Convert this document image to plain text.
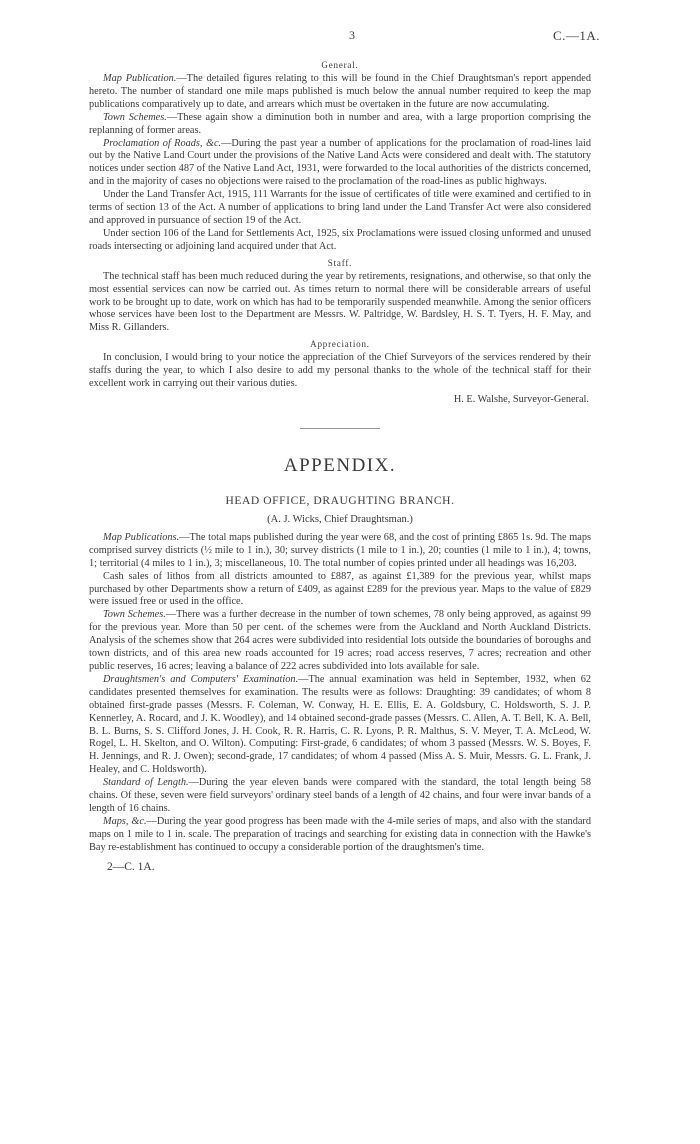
3	C.—1A.
General.

Map Publication.—The detailed figures relating to this will be found in the Chief Draughtsman's report appended hereto. The number of standard one mile maps published is much below the annual number required to keep the map publications comparatively up to date, and arrears which must be overtaken in the future are now accumulating.

Town Schemes.—These again show a diminution both in number and area, with a large proportion comprising the replanning of former areas.

Proclamation of Roads, &c.—During the past year a number of applications for the proclamation of road-lines laid out by the Native Land Court under the provisions of the Native Land Acts were considered and dealt with. The statutory notices under section 487 of the Native Land Act, 1931, were forwarded to the local authorities of the districts concerned, and in the majority of cases no objections were raised to the proclamation of the road-lines as public highways.

Under the Land Transfer Act, 1915, 111 Warrants for the issue of certificates of title were examined and certified to in terms of section 13 of the Act. A number of applications to bring land under the Land Transfer Act were also considered and approved in pursuance of section 19 of the Act.

Under section 106 of the Land for Settlements Act, 1925, six Proclamations were issued closing unformed and unused roads intersecting or adjoining land acquired under that Act.

Staff.

The technical staff has been much reduced during the year by retirements, resignations, and otherwise, so that only the most essential services can now be carried out. As times return to normal there will be considerable arrears of useful work to be brought up to date, work on which has had to be temporarily suspended meanwhile. Among the senior officers whose services have been lost to the Department are Messrs. W. Paltridge, W. Bardsley, H. S. T. Tyers, H. F. May, and Miss R. Gillanders.

Appreciation.

In conclusion, I would bring to your notice the appreciation of the Chief Surveyors of the services rendered by their staffs during the year, to which I also desire to add my personal thanks to the whole of the technical staff for their excellent work in carrying out their various duties.

H. E. Walshe, Surveyor-General.
APPENDIX.
HEAD OFFICE, DRAUGHTING BRANCH.
(A. J. Wicks, Chief Draughtsman.)

Map Publications.—The total maps published during the year were 68, and the cost of printing £865 1s. 9d. The maps comprised survey districts (½ mile to 1 in.), 30; survey districts (1 mile to 1 in.), 20; counties (1 mile to 1 in.), 4; towns, 1; territorial (4 miles to 1 in.), 3; miscellaneous, 10. The total number of copies printed under all headings was 16,203.

Cash sales of lithos from all districts amounted to £887, as against £1,389 for the previous year, whilst maps purchased by other Departments show a return of £409, as against £289 for the previous year. Maps to the value of £829 were issued free or used in the office.

Town Schemes.—There was a further decrease in the number of town schemes, 78 only being approved, as against 99 for the previous year. More than 50 per cent. of the schemes were from the Auckland and North Auckland Districts. Analysis of the schemes show that 264 acres were subdivided into residential lots outside the boundaries of boroughs and town districts, and of this area new roads accounted for 19 acres; road access reserves, 7 acres; recreation and other public reserves, 16 acres; leaving a balance of 222 acres subdivided into lots available for sale.

Draughtsmen's and Computers' Examination.—The annual examination was held in September, 1932, when 62 candidates presented themselves for examination. The results were as follows: Draughting: 39 candidates; of whom 8 obtained first-grade passes (Messrs. F. Coleman, W. Conway, H. E. Ellis, E. A. Goldsbury, C. Holdsworth, S. J. P. Kennerley, A. Rocard, and J. K. Woodley), and 14 obtained second-grade passes (Messrs. C. Allen, A. T. Bell, K. A. Bell, B. L. Burns, S. S. Clifford Jones, J. H. Cook, R. R. Harris, C. R. Lyons, P. R. Malthus, S. V. Meyer, T. A. McLeod, W. Rogel, L. H. Skelton, and O. Wilton). Computing: First-grade, 6 candidates; of whom 3 passed (Messrs. W. S. Boyes, F. H. Jennings, and R. J. Owen); second-grade, 17 candidates; of whom 4 passed (Miss A. S. Muir, Messrs. G. L. Frank, J. Healey, and C. Holdsworth).

Standard of Length.—During the year eleven bands were compared with the standard, the total length being 58 chains. Of these, seven were field surveyors' ordinary steel bands of a length of 42 chains, and four were invar bands of a length of 16 chains.

Maps, &c.—During the year good progress has been made with the 4-mile series of maps, and also with the standard maps on 1 mile to 1 in. scale. The preparation of tracings and searching for existing data in connection with the Hawke's Bay re-establishment has continued to occupy a considerable portion of the draughtsmen's time.

2—C. 1A.
